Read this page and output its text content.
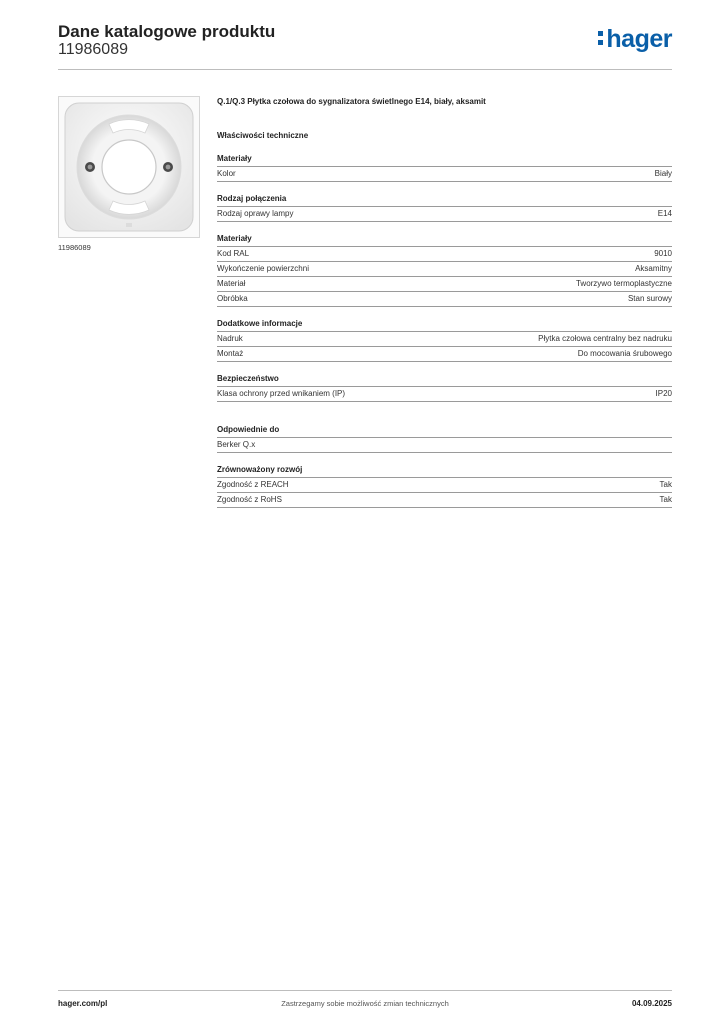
Dane katalogowe produktu
11986089	hager
11986089
Q.1/Q.3 Płytka czołowa do sygnalizatora świetlnego E14, biały, aksamit
Właściwości techniczne
Materiały
Kolor	Biały
Rodzaj połączenia
Rodzaj oprawy lampy	E14
Materiały
Kod RAL	9010
Wykończenie powierzchni	Aksamitny
Materiał	Tworzywo termoplastyczne
Obróbka	Stan surowy
Dodatkowe informacje
Nadruk	Płytka czołowa centralny bez nadruku
Montaż	Do mocowania śrubowego
Bezpieczeństwo
Klasa ochrony przed wnikaniem (IP)	IP20
Odpowiednie do
Berker Q.x
Zrównoważony rozwój
Zgodność z REACH	Tak
Zgodność z RoHS	Tak
hager.com/pl	Zastrzegamy sobie możliwość zmian technicznych	04.09.2025
